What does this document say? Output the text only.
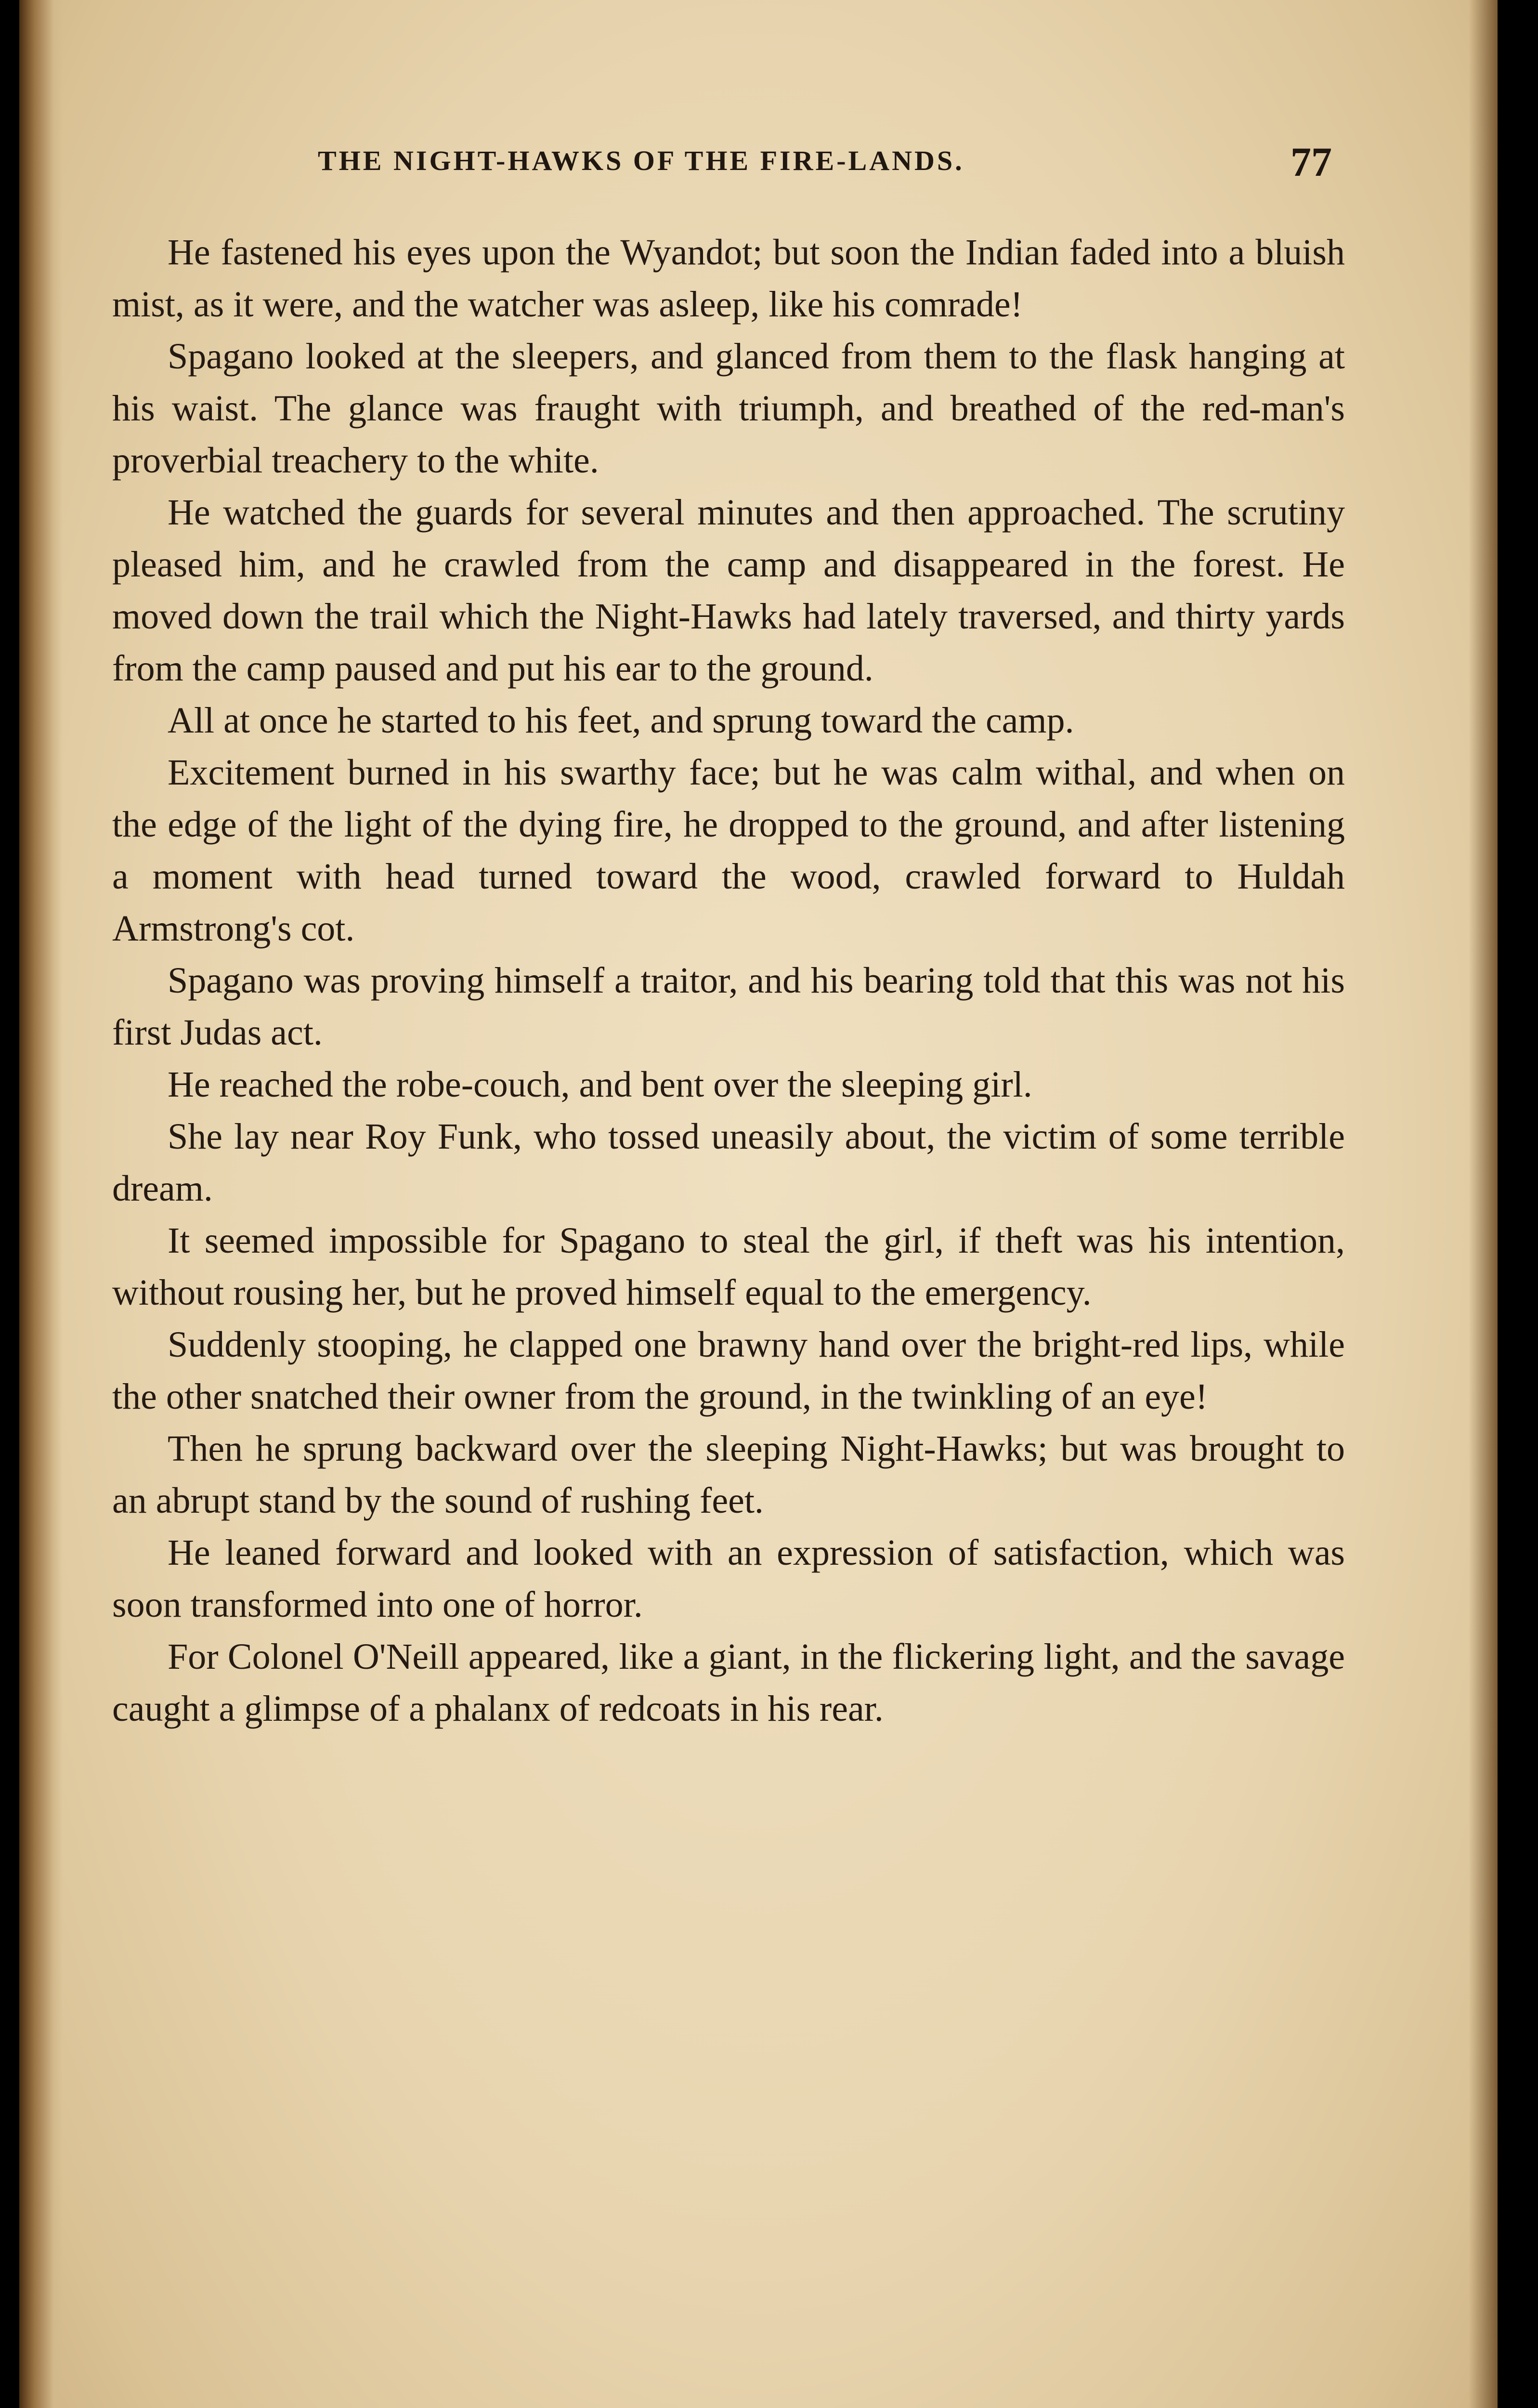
THE NIGHT-HAWKS OF THE FIRE-LANDS.	77

He fastened his eyes upon the Wyandot; but soon the Indian faded into a bluish mist, as it were, and the watcher was asleep, like his comrade!

Spagano looked at the sleepers, and glanced from them to the flask hanging at his waist. The glance was fraught with triumph, and breathed of the red-man's proverbial treachery to the white.

He watched the guards for several minutes and then approached. The scrutiny pleased him, and he crawled from the camp and disappeared in the forest. He moved down the trail which the Night-Hawks had lately traversed, and thirty yards from the camp paused and put his ear to the ground.

All at once he started to his feet, and sprung toward the camp.

Excitement burned in his swarthy face; but he was calm withal, and when on the edge of the light of the dying fire, he dropped to the ground, and after listening a moment with head turned toward the wood, crawled forward to Huldah Armstrong's cot.

Spagano was proving himself a traitor, and his bearing told that this was not his first Judas act.

He reached the robe-couch, and bent over the sleeping girl.

She lay near Roy Funk, who tossed uneasily about, the victim of some terrible dream.

It seemed impossible for Spagano to steal the girl, if theft was his intention, without rousing her, but he proved himself equal to the emergency.

Suddenly stooping, he clapped one brawny hand over the bright-red lips, while the other snatched their owner from the ground, in the twinkling of an eye!

Then he sprung backward over the sleeping Night-Hawks; but was brought to an abrupt stand by the sound of rushing feet.

He leaned forward and looked with an expression of satisfaction, which was soon transformed into one of horror.

For Colonel O'Neill appeared, like a giant, in the flickering light, and the savage caught a glimpse of a phalanx of redcoats in his rear.
